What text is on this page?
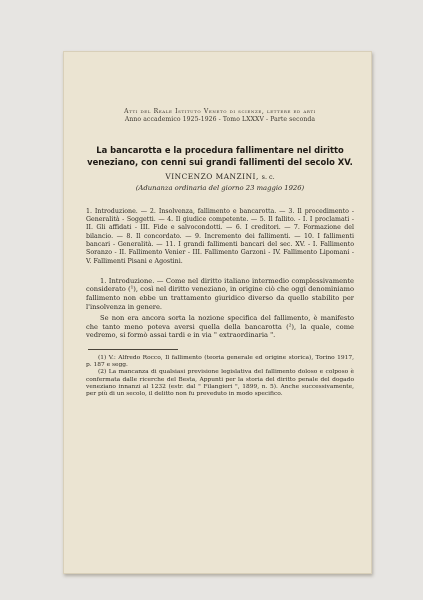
Atti del Reale Istituto Veneto di scienze, lettere ed arti
Anno accademico 1925-1926 - Tomo LXXXV - Parte seconda
La bancarotta e la procedura fallimentare nel diritto
veneziano, con cenni sui grandi fallimenti del secolo XV.
VINCENZO MANZINI, s. c.
(Adunanza ordinaria del giorno 23 maggio 1926)
1. Introduzione. — 2. Insolvenza, fallimento e bancarotta. — 3. Il procedimento - Generalità - Soggetti. — 4. Il giudice competente. — 5. Il fallito. - I. I proclamati - II. Gli affidati - III. Fide e salvocondotti. — 6. I creditori. — 7. Formazione del bilancio. — 8. Il concordato. — 9. Incremento dei fallimenti. — 10. I fallimenti bancari - Generalità. — 11. I grandi fallimenti bancari del sec. XV. - I. Fallimento Soranzo - II. Fallimento Venier - III. Fallimento Garzoni - IV. Fallimento Lipomani - V. Fallimenti Pisani e Agostini.

1. Introduzione. — Come nel diritto italiano intermedio complessivamente considerato (¹), così nel diritto veneziano, in origine ciò che oggi denominiamo fallimento non ebbe un trattamento giuridico diverso da quello stabilito per l'insolvenza in genere.

Se non era ancora sorta la nozione specifica del fallimento, è manifesto che tanto meno poteva aversi quella della bancarotta (²), la quale, come vedremo, si formò assai tardi e in via " extraordinaria ".

(1) V.: Alfredo Rocco, Il fallimento (teoria generale ed origine storica), Torino 1917, p. 187 e segg.

(2) La mancanza di qualsiasi previsione legislativa del fallimento doloso e colposo è confermata dalle ricerche del Besta, Appunti per la storia del diritto penale del dogado veneziano innanzi al 1232 (estr. dal " Filangieri ", 1899, n. 5). Anche successivamente, per più di un secolo, il delitto non fu preveduto in modo specifico.
